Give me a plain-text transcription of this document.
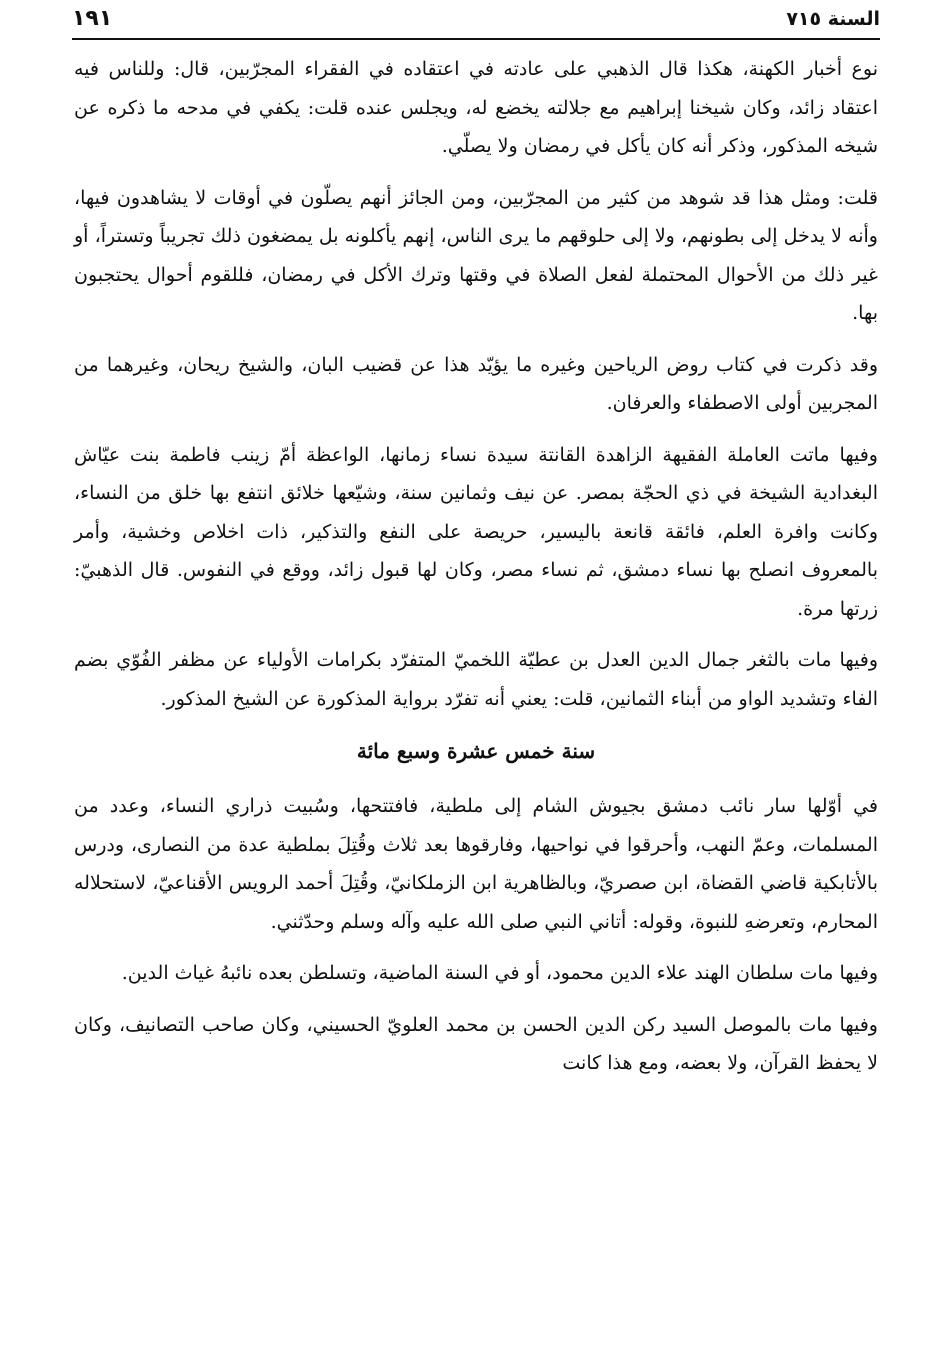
السنة ٧١٥
١٩١

نوع أخبار الكهنة، هكذا قال الذهبي على عادته في اعتقاده في الفقراء المجرّبين، قال: وللناس فيه اعتقاد زائد، وكان شيخنا إبراهيم مع جلالته يخضع له، ويجلس عنده قلت: يكفي في مدحه ما ذكره عن شيخه المذكور، وذكر أنه كان يأكل في رمضان ولا يصلّي.

قلت: ومثل هذا قد شوهد من كثير من المجرّبين، ومن الجائز أنهم يصلّون في أوقات لا يشاهدون فيها، وأنه لا يدخل إلى بطونهم، ولا إلى حلوقهم ما يرى الناس، إنهم يأكلونه بل يمضغون ذلك تجريباً وتستراً، أو غير ذلك من الأحوال المحتملة لفعل الصلاة في وقتها وترك الأكل في رمضان، فللقوم أحوال يحتجبون بها.

وقد ذكرت في كتاب روض الرياحين وغيره ما يؤيّد هذا عن قضيب البان، والشيخ ريحان، وغيرهما من المجربين أولى الاصطفاء والعرفان.

وفيها ماتت العاملة الفقيهة الزاهدة القانتة سيدة نساء زمانها، الواعظة أمّ زينب فاطمة بنت عيّاش البغدادية الشيخة في ذي الحجّة بمصر. عن نيف وثمانين سنة، وشيّعها خلائق انتفع بها خلق من النساء، وكانت وافرة العلم، فائقة قانعة باليسير، حريصة على النفع والتذكير، ذات اخلاص وخشية، وأمر بالمعروف انصلح بها نساء دمشق، ثم نساء مصر، وكان لها قبول زائد، ووقع في النفوس. قال الذهبيّ: زرتها مرة.

وفيها مات بالثغر جمال الدين العدل بن عطيّة اللخميّ المتفرّد بكرامات الأولياء عن مظفر الفُوّي بضم الفاء وتشديد الواو من أبناء الثمانين، قلت: يعني أنه تفرّد برواية المذكورة عن الشيخ المذكور.

سنة خمس عشرة وسبع مائة

في أوّلها سار نائب دمشق بجيوش الشام إلى ملطية، فافتتحها، وسُبيت ذراري النساء، وعدد من المسلمات، وعمّ النهب، وأحرقوا في نواحيها، وفارقوها بعد ثلاث وقُتِلَ بملطية عدة من النصارى، ودرس بالأتابكية قاضي القضاة، ابن صصريّ، وبالظاهرية ابن الزملكانيّ، وقُتِلَ أحمد الرويس الأقناعيّ، لاستحلاله المحارم، وتعرضهِ للنبوة، وقوله: أتاني النبي صلى الله عليه وآله وسلم وحدّثني.

وفيها مات سلطان الهند علاء الدين محمود، أو في السنة الماضية، وتسلطن بعده نائبهُ غياث الدين.

وفيها مات بالموصل السيد ركن الدين الحسن بن محمد العلويّ الحسيني، وكان صاحب التصانيف، وكان لا يحفظ القرآن، ولا بعضه، ومع هذا كانت
